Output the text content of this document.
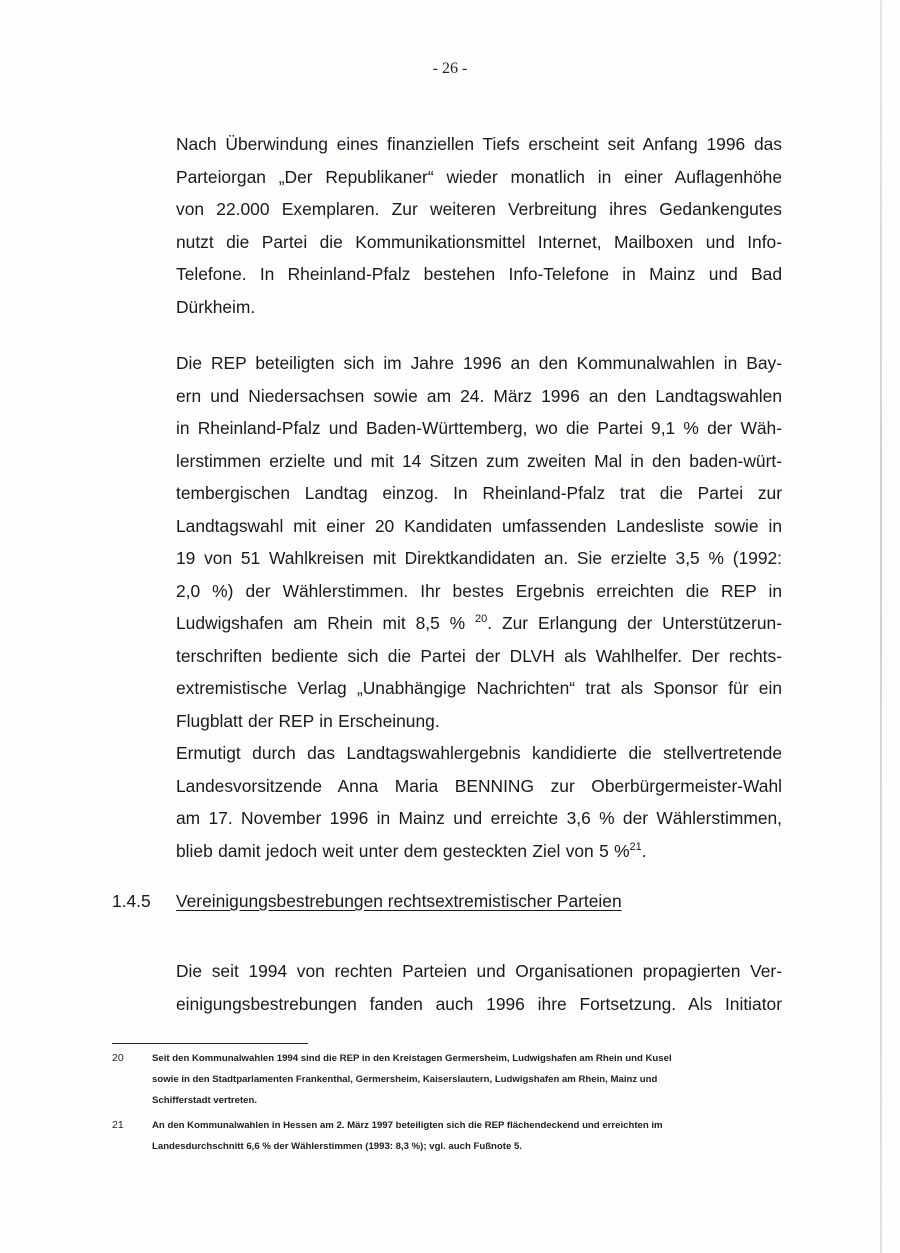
- 26 -

Nach Überwindung eines finanziellen Tiefs erscheint seit Anfang 1996 das
Parteiorgan „Der Republikaner“ wieder monatlich in einer Auflagenhöhe
von 22.000 Exemplaren. Zur weiteren Verbreitung ihres Gedankengutes
nutzt die Partei die Kommunikationsmittel Internet, Mailboxen und Info-
Telefone. In Rheinland-Pfalz bestehen Info-Telefone in Mainz und Bad
Dürkheim.

Die REP beteiligten sich im Jahre 1996 an den Kommunalwahlen in Bay-
ern und Niedersachsen sowie am 24. März 1996 an den Landtagswahlen
in Rheinland-Pfalz und Baden-Württemberg, wo die Partei 9,1 % der Wäh-
lerstimmen erzielte und mit 14 Sitzen zum zweiten Mal in den baden-würt-
tembergischen Landtag einzog. In Rheinland-Pfalz trat die Partei zur
Landtagswahl mit einer 20 Kandidaten umfassenden Landesliste sowie in
19 von 51 Wahlkreisen mit Direktkandidaten an. Sie erzielte 3,5 % (1992:
2,0 %) der Wählerstimmen. Ihr bestes Ergebnis erreichten die REP in
Ludwigshafen am Rhein mit 8,5 % $^{20}$. Zur Erlangung der Unterstützerun-
terschriften bediente sich die Partei der DLVH als Wahlhelfer. Der rechts-
extremistische Verlag „Unabhängige Nachrichten“ trat als Sponsor für ein
Flugblatt der REP in Erscheinung.
Ermutigt durch das Landtagswahlergebnis kandidierte die stellvertretende
Landesvorsitzende Anna Maria BENNING zur Oberbürgermeister-Wahl
am 17. November 1996 in Mainz und erreichte 3,6 % der Wählerstimmen,
blieb damit jedoch weit unter dem gesteckten Ziel von 5 %$^{21}$.

1.4.5 Vereinigungsbestrebungen rechtsextremistischer Parteien

Die seit 1994 von rechten Parteien und Organisationen propagierten Ver-
einigungsbestrebungen fanden auch 1996 ihre Fortsetzung. Als Initiator

20	Seit den Kommunalwahlen 1994 sind die REP in den Kreistagen Germersheim, Ludwigshafen am Rhein und Kusel
sowie in den Stadtparlamenten Frankenthal, Germersheim, Kaiserslautern, Ludwigshafen am Rhein, Mainz und
Schifferstadt vertreten.
21	An den Kommunalwahlen in Hessen am 2. März 1997 beteiligten sich die REP flächendeckend und erreichten im
Landesdurchschnitt 6,6 % der Wählerstimmen (1993: 8,3 %); vgl. auch Fußnote 5.
